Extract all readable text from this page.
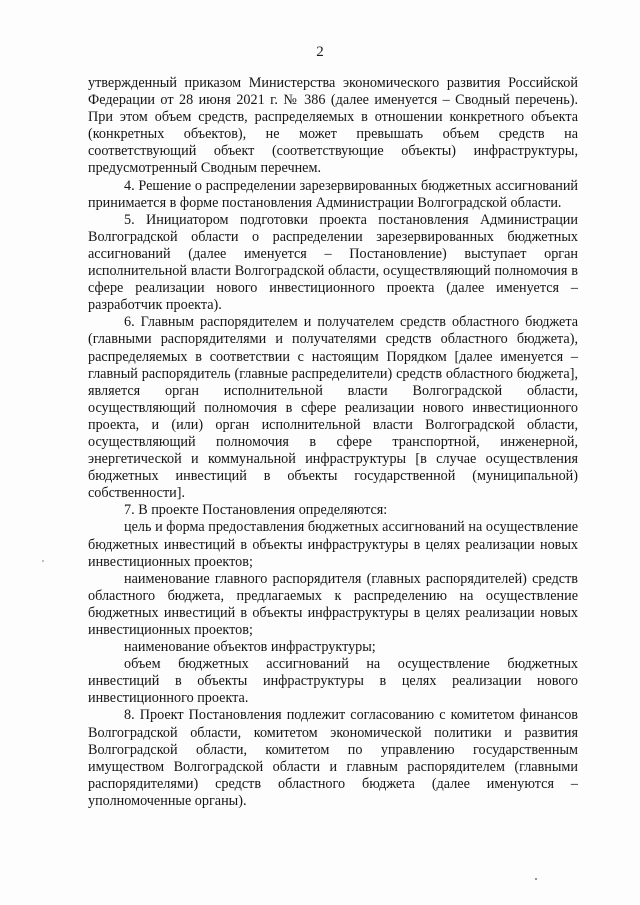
2

утвержденный приказом Министерства экономического развития Российской Федерации от 28 июня 2021 г. № 386 (далее именуется – Сводный перечень). При этом объем средств, распределяемых в отношении конкретного объекта (конкретных объектов), не может превышать объем средств на соответствующий объект (соответствующие объекты) инфраструктуры, предусмотренный Сводным перечнем.

4. Решение о распределении зарезервированных бюджетных ассигнований принимается в форме постановления Администрации Волгоградской области.

5. Инициатором подготовки проекта постановления Администрации Волгоградской области о распределении зарезервированных бюджетных ассигнований (далее именуется – Постановление) выступает орган исполнительной власти Волгоградской области, осуществляющий полномочия в сфере реализации нового инвестиционного проекта (далее именуется – разработчик проекта).

6. Главным распорядителем и получателем средств областного бюджета (главными распорядителями и получателями средств областного бюджета), распределяемых в соответствии с настоящим Порядком [далее именуется – главный распорядитель (главные распределители) средств областного бюджета], является орган исполнительной власти Волгоградской области, осуществляющий полномочия в сфере реализации нового инвестиционного проекта, и (или) орган исполнительной власти Волгоградской области, осуществляющий полномочия в сфере транспортной, инженерной, энергетической и коммунальной инфраструктуры [в случае осуществления бюджетных инвестиций в объекты государственной (муниципальной) собственности].

7. В проекте Постановления определяются:

цель и форма предоставления бюджетных ассигнований на осуществление бюджетных инвестиций в объекты инфраструктуры в целях реализации новых инвестиционных проектов;

наименование главного распорядителя (главных распорядителей) средств областного бюджета, предлагаемых к распределению на осуществление бюджетных инвестиций в объекты инфраструктуры в целях реализации новых инвестиционных проектов;

наименование объектов инфраструктуры;

объем бюджетных ассигнований на осуществление бюджетных инвестиций в объекты инфраструктуры в целях реализации нового инвестиционного проекта.

8. Проект Постановления подлежит согласованию с комитетом финансов Волгоградской области, комитетом экономической политики и развития Волгоградской области, комитетом по управлению государственным имуществом Волгоградской области и главным распорядителем (главными распорядителями) средств областного бюджета (далее именуются – уполномоченные органы).
